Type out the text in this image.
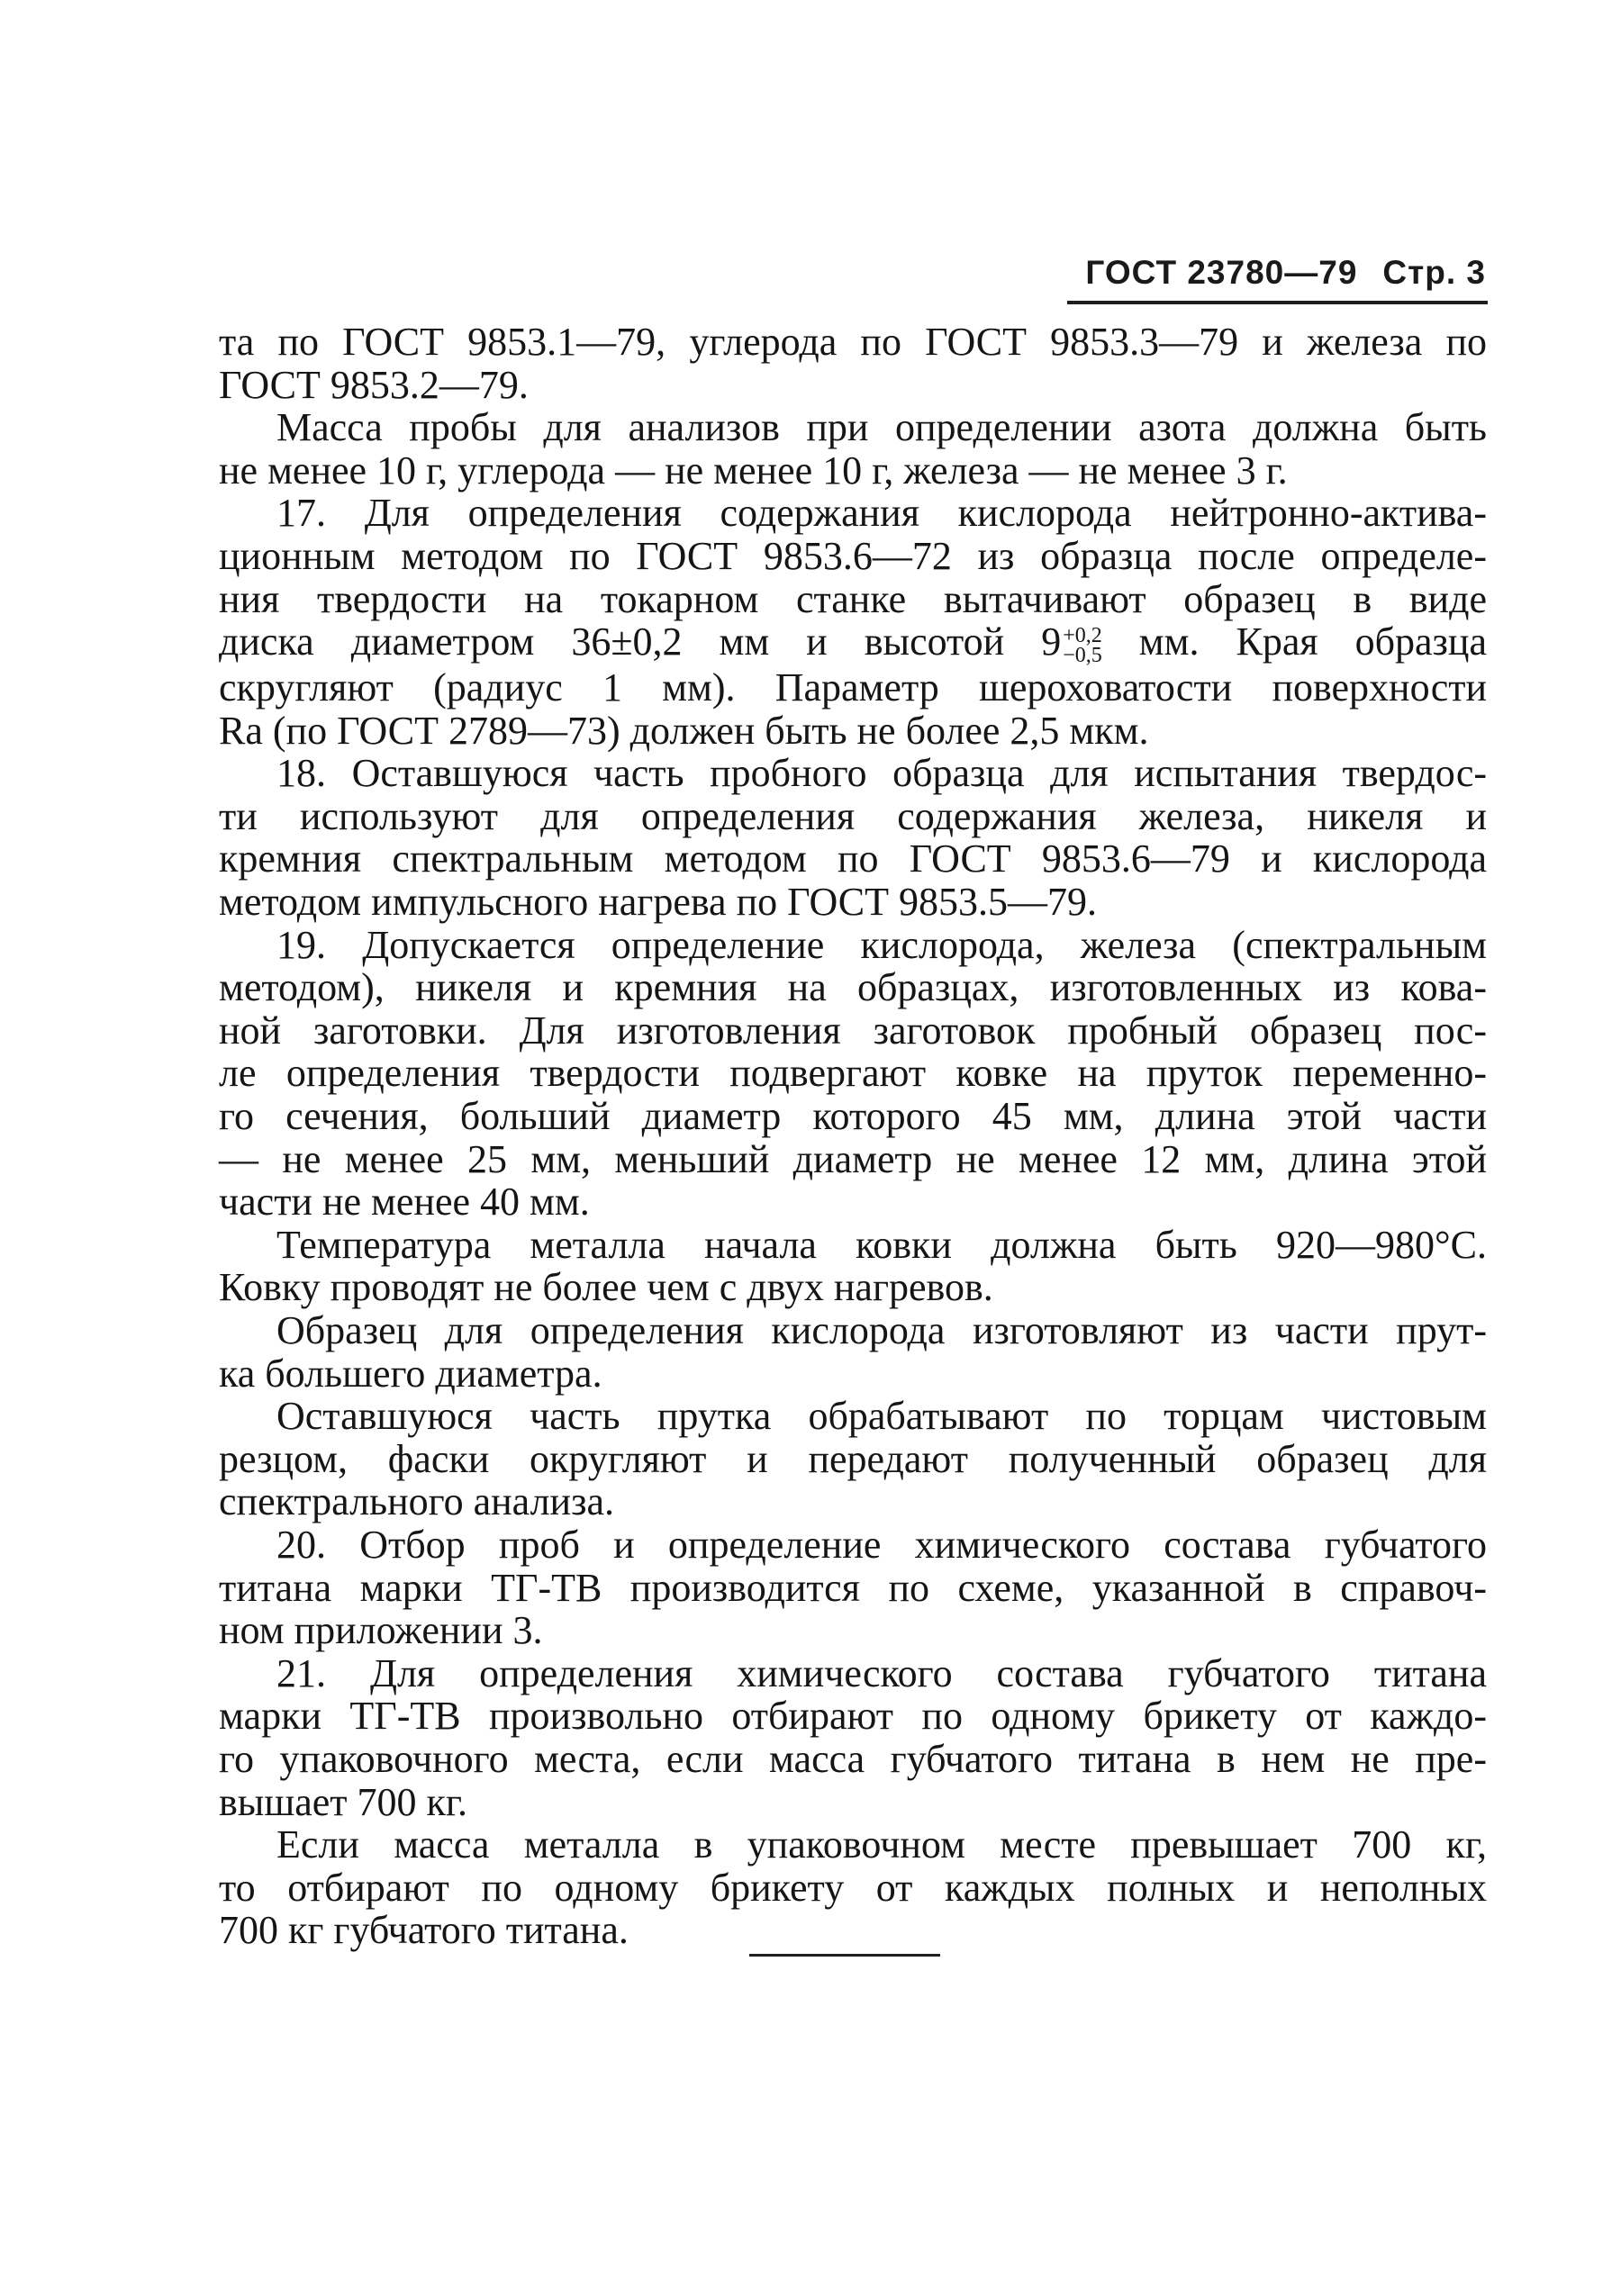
ГОСТ 23780—79 Стр. 3

та по ГОСТ 9853.1—79, углерода по ГОСТ 9853.3—79 и железа по

ГОСТ 9853.2—79.

Масса пробы для анализов при определении азота должна быть

не менее 10 г, углерода — не менее 10 г, железа — не менее 3 г.

17. Для определения содержания кислорода нейтронно-актива-

ционным методом по ГОСТ 9853.6—72 из образца после определе-

ния твердости на токарном станке вытачивают образец в виде

диска диаметром 36±0,2 мм и высотой 9 +0,2
−0,5 мм. Края образца

скругляют (радиус 1 мм). Параметр шероховатости поверхности

Ra (по ГОСТ 2789—73) должен быть не более 2,5 мкм.

18. Оставшуюся часть пробного образца для испытания твердос-

ти используют для определения содержания железа, никеля и

кремния спектральным методом по ГОСТ 9853.6—79 и кислорода

методом импульсного нагрева по ГОСТ 9853.5—79.

19. Допускается определение кислорода, железа (спектральным

методом), никеля и кремния на образцах, изготовленных из кова-

ной заготовки. Для изготовления заготовок пробный образец пос-

ле определения твердости подвергают ковке на пруток переменно-

го сечения, больший диаметр которого 45 мм, длина этой части

— не менее 25 мм, меньший диаметр не менее 12 мм, длина этой

части не менее 40 мм.

Температура металла начала ковки должна быть 920—980°С.

Ковку проводят не более чем с двух нагревов.

Образец для определения кислорода изготовляют из части прут-

ка большего диаметра.

Оставшуюся часть прутка обрабатывают по торцам чистовым

резцом, фаски округляют и передают полученный образец для

спектрального анализа.

20. Отбор проб и определение химического состава губчатого

титана марки ТГ-ТВ производится по схеме, указанной в справоч-

ном приложении 3.

21. Для определения химического состава губчатого титана

марки ТГ-ТВ произвольно отбирают по одному брикету от каждо-

го упаковочного места, если масса губчатого титана в нем не пре-

вышает 700 кг.

Если масса металла в упаковочном месте превышает 700 кг,

то отбирают по одному брикету от каждых полных и неполных

700 кг губчатого титана.
